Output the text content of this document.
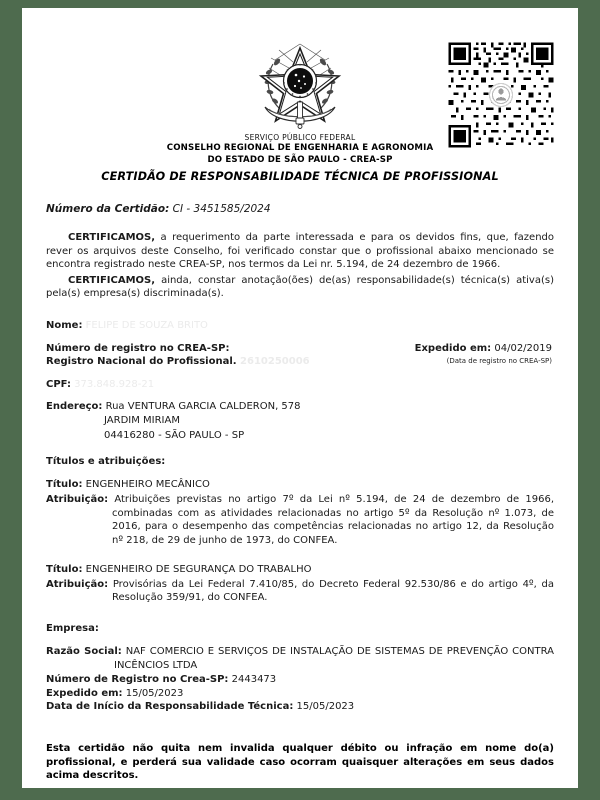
SERVIÇO PÚBLICO FEDERAL
CONSELHO REGIONAL DE ENGENHARIA E AGRONOMIA
DO ESTADO DE SÃO PAULO - CREA-SP
CERTIDÃO DE RESPONSABILIDADE TÉCNICA DE PROFISSIONAL
Número da Certidão: CI - 3451585/2024

CERTIFICAMOS, a requerimento da parte interessada e para os devidos fins, que, fazendo rever os arquivos deste Conselho, foi verificado constar que o profissional abaixo mencionado se encontra registrado neste CREA-SP, nos termos da Lei nr. 5.194, de 24 dezembro de 1966.

CERTIFICAMOS, ainda, constar anotação(ões) de(as) responsabilidade(s) técnica(s) ativa(s) pela(s) empresa(s) discriminada(s).

Nome: FELIPE DE SOUZA BRITO
Número de registro no CREA-SP:
Registro Nacional do Profissional. 2610250006
Expedido em: 04/02/2019
(Data de registro no CREA-SP)
CPF: 373.848.928-21
Endereço: Rua VENTURA GARCIA CALDERON, 578
JARDIM MIRIAM
04416280 - SÃO PAULO - SP
Títulos e atribuições:
Título: ENGENHEIRO MECÂNICO

Atribuição: Atribuições previstas no artigo 7º da Lei nº 5.194, de 24 de dezembro de 1966, combinadas com as atividades relacionadas no artigo 5º da Resolução nº 1.073, de 2016, para o desempenho das competências relacionadas no artigo 12, da Resolução nº 218, de 29 de junho de 1973, do CONFEA.

Título: ENGENHEIRO DE SEGURANÇA DO TRABALHO

Atribuição: Provisórias da Lei Federal 7.410/85, do Decreto Federal 92.530/86 e do artigo 4º, da Resolução 359/91, do CONFEA.

Empresa:

Razão Social: NAF COMERCIO E SERVIÇOS DE INSTALAÇÃO DE SISTEMAS DE PREVENÇÃO CONTRA INCÊNCIOS LTDA

Número de Registro no Crea-SP: 2443473
Expedido em: 15/05/2023
Data de Início da Responsabilidade Técnica: 15/05/2023
Esta certidão não quita nem invalida qualquer débito ou infração em nome do(a) profissional, e perderá sua validade caso ocorram quaisquer alterações em seus dados acima descritos.
